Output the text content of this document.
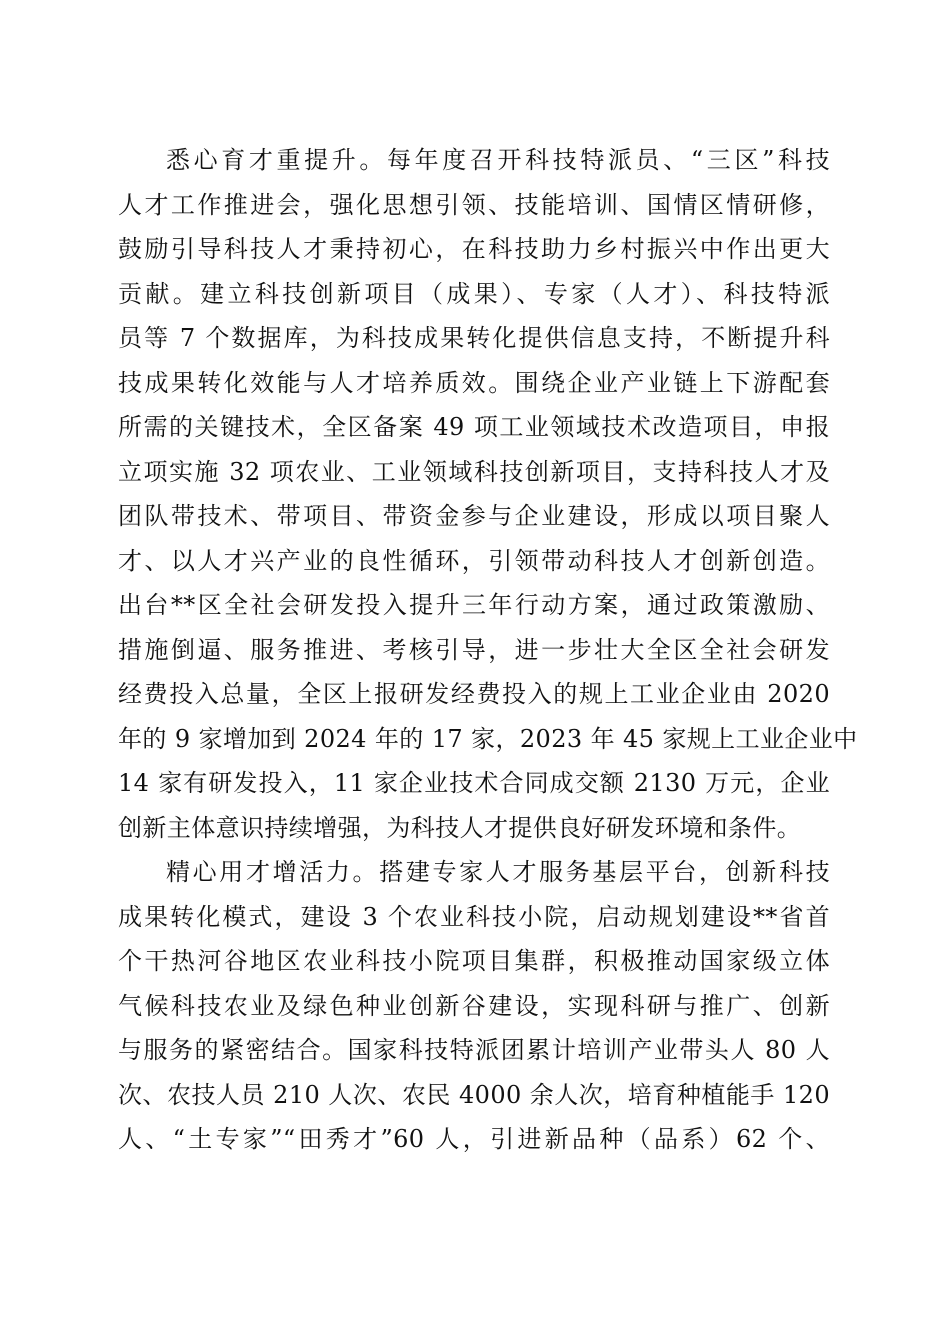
悉心育才重提升。每年度召开科技特派员、“三区”科技
人才工作推进会，强化思想引领、技能培训、国情区情研修，
鼓励引导科技人才秉持初心，在科技助力乡村振兴中作出更大
贡献。建立科技创新项目（成果）、专家（人才）、科技特派
员等 7 个数据库，为科技成果转化提供信息支持，不断提升科
技成果转化效能与人才培养质效。围绕企业产业链上下游配套
所需的关键技术，全区备案 49 项工业领域技术改造项目，申报
立项实施 32 项农业、工业领域科技创新项目，支持科技人才及
团队带技术、带项目、带资金参与企业建设，形成以项目聚人
才、以人才兴产业的良性循环，引领带动科技人才创新创造。
出台**区全社会研发投入提升三年行动方案，通过政策激励、
措施倒逼、服务推进、考核引导，进一步壮大全区全社会研发
经费投入总量，全区上报研发经费投入的规上工业企业由 2020
年的 9 家增加到 2024 年的 17 家，2023 年 45 家规上工业企业中
14 家有研发投入，11 家企业技术合同成交额 2130 万元，企业
创新主体意识持续增强，为科技人才提供良好研发环境和条件。
精心用才增活力。搭建专家人才服务基层平台，创新科技
成果转化模式，建设 3 个农业科技小院，启动规划建设**省首
个干热河谷地区农业科技小院项目集群，积极推动国家级立体
气候科技农业及绿色种业创新谷建设，实现科研与推广、创新
与服务的紧密结合。国家科技特派团累计培训产业带头人 80 人
次、农技人员 210 人次、农民 4000 余人次，培育种植能手 120
人、“土专家”“田秀才”60 人，引进新品种（品系）62 个、
